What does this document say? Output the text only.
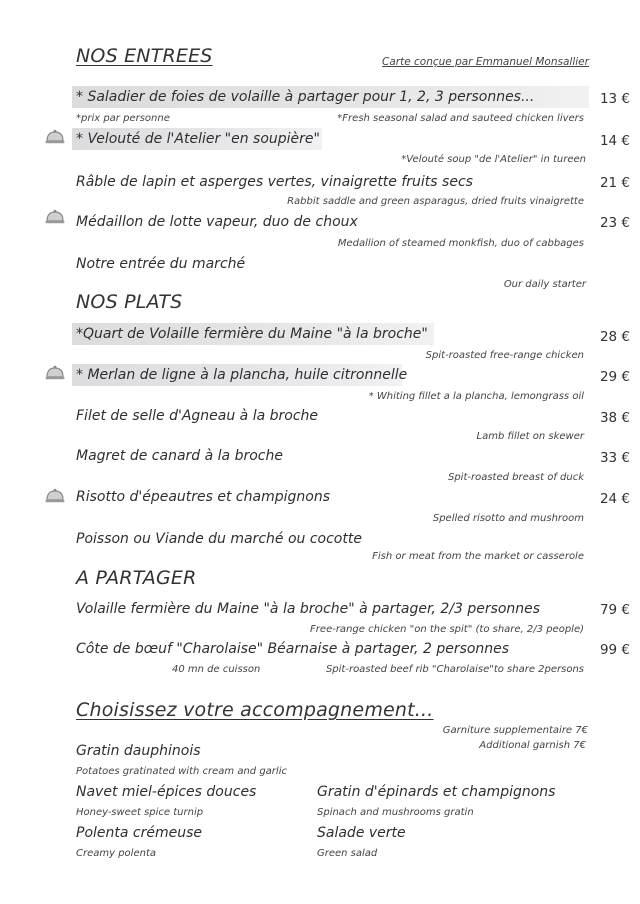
NOS ENTREES	Carte conçue par Emmanuel Monsallier
* Saladier de foies de volaille à partager pour 1, 2, 3 personnes...	13 €
*prix par personne	*Fresh seasonal salad and sauteed chicken livers
* Velouté de l'Atelier "en soupière"	14 €
*Velouté soup "de l'Atelier" in tureen
Râble de lapin et asperges vertes, vinaigrette fruits secs	21 €
Rabbit saddle and green asparagus, dried fruits vinaigrette
Médaillon de lotte vapeur, duo de choux	23 €
Medallion of steamed monkfish, duo of cabbages
Notre entrée du marché
Our daily starter
NOS PLATS
*Quart de Volaille fermière du Maine "à la broche"	28 €
Spit-roasted free-range chicken
* Merlan de ligne à la plancha, huile citronnelle	29 €
* Whiting fillet a la plancha, lemongrass oil
Filet de selle d'Agneau à la broche	38 €
Lamb fillet on skewer
Magret de canard à la broche	33 €
Spit-roasted breast of duck
Risotto d'épeautres et champignons	24 €
Spelled risotto and mushroom
Poisson ou Viande du marché ou cocotte
Fish or meat from the market or casserole
A PARTAGER
Volaille fermière du Maine "à la broche" à partager, 2/3 personnes	79 €
Free-range chicken "on the spit" (to share, 2/3 people)
Côte de bœuf "Charolaise" Béarnaise à partager, 2 personnes	99 €
40 mn de cuisson	Spit-roasted beef rib "Charolaise"to share 2persons
Choisissez votre accompagnement...
Garniture supplementaire 7€
Additional garnish 7€
Gratin dauphinois
Potatoes gratinated with cream and garlic
Navet miel-épices douces
Honey-sweet spice turnip
Gratin d'épinards et champignons
Spinach and mushrooms gratin
Polenta crémeuse
Creamy polenta
Salade verte
Green salad
